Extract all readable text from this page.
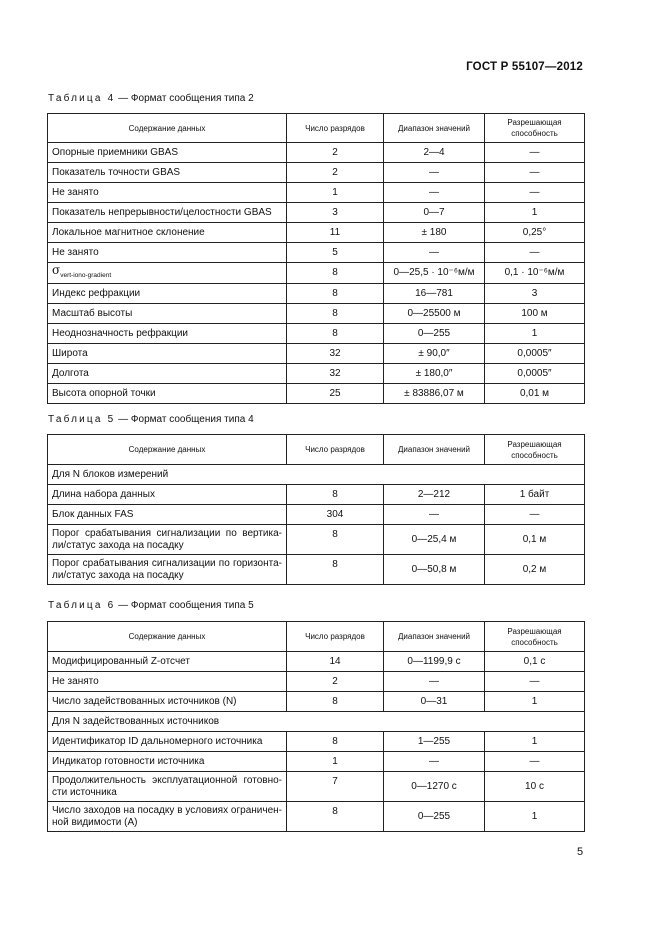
ГОСТ Р 55107—2012
Таблица 4 — Формат сообщения типа 2
Содержание данных	Число разрядов	Диапазон значений	Разрешающая способность
Опорные приемники GBAS	2	2—4	—
Показатель точности GBAS	2	—	—
Не занято	1	—	—
Показатель непрерывности/целостности GBAS	3	0—7	1
Локальное магнитное склонение	11	± 180	0,25°
Не занято	5	—	—
$\sigma_{vert-iono-gradient}$	8	0—25,5 · 10⁻⁶м/м	0,1 · 10⁻⁶м/м
Индекс рефракции	8	16—781	3
Масштаб высоты	8	0—25500 м	100 м
Неоднозначность рефракции	8	0—255	1
Широта	32	± 90,0″	0,0005″
Долгота	32	± 180,0″	0,0005″
Высота опорной точки	25	± 83886,07 м	0,01 м
Таблица 5 — Формат сообщения типа 4
Содержание данных	Число разрядов	Диапазон значений	Разрешающая способность
Для N блоков измерений			
Длина набора данных	8	2—212	1 байт
Блок данных FAS	304	—	—
Порог срабатывания сигнализации по вертика-ли/статус захода на посадку	8	0—25,4 м	0,1 м
Порог срабатывания сигнализации по горизонта-ли/статус захода на посадку	8	0—50,8 м	0,2 м
Таблица 6 — Формат сообщения типа 5
Содержание данных	Число разрядов	Диапазон значений	Разрешающая способность
Модифицированный Z-отсчет	14	0—1199,9 с	0,1 с
Не занято	2	—	—
Число задействованных источников (N)	8	0—31	1
Для N задействованных источников			
Идентификатор ID дальномерного источника	8	1—255	1
Индикатор готовности источника	1	—	—
Продолжительность эксплуатационной готовно-сти источника	7	0—1270 с	10 с
Число заходов на посадку в условиях ограничен-ной видимости (А)	8	0—255	1
5
